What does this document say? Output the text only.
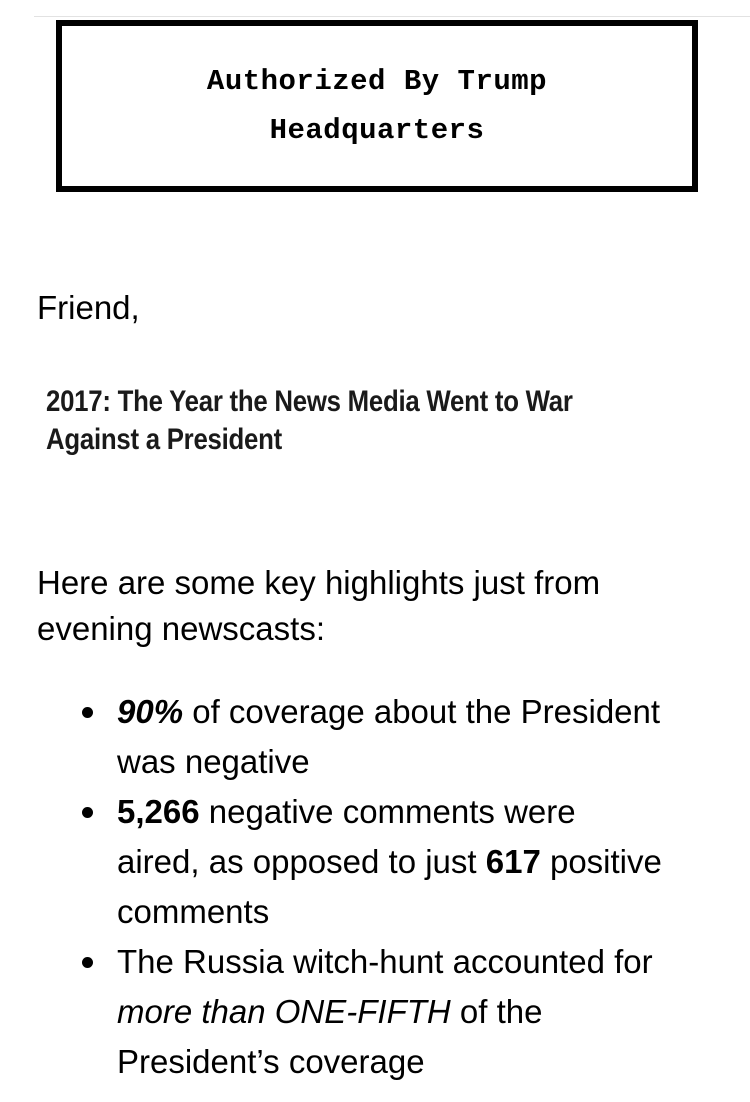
Authorized By Trump
Headquarters
Friend,
2017: The Year the News Media Went to War
Against a President
Here are some key highlights just from
evening newscasts:
90% of coverage about the President
was negative
5,266 negative comments were
aired, as opposed to just 617 positive
comments
The Russia witch-hunt accounted for
more than ONE-FIFTH of the
President’s coverage
